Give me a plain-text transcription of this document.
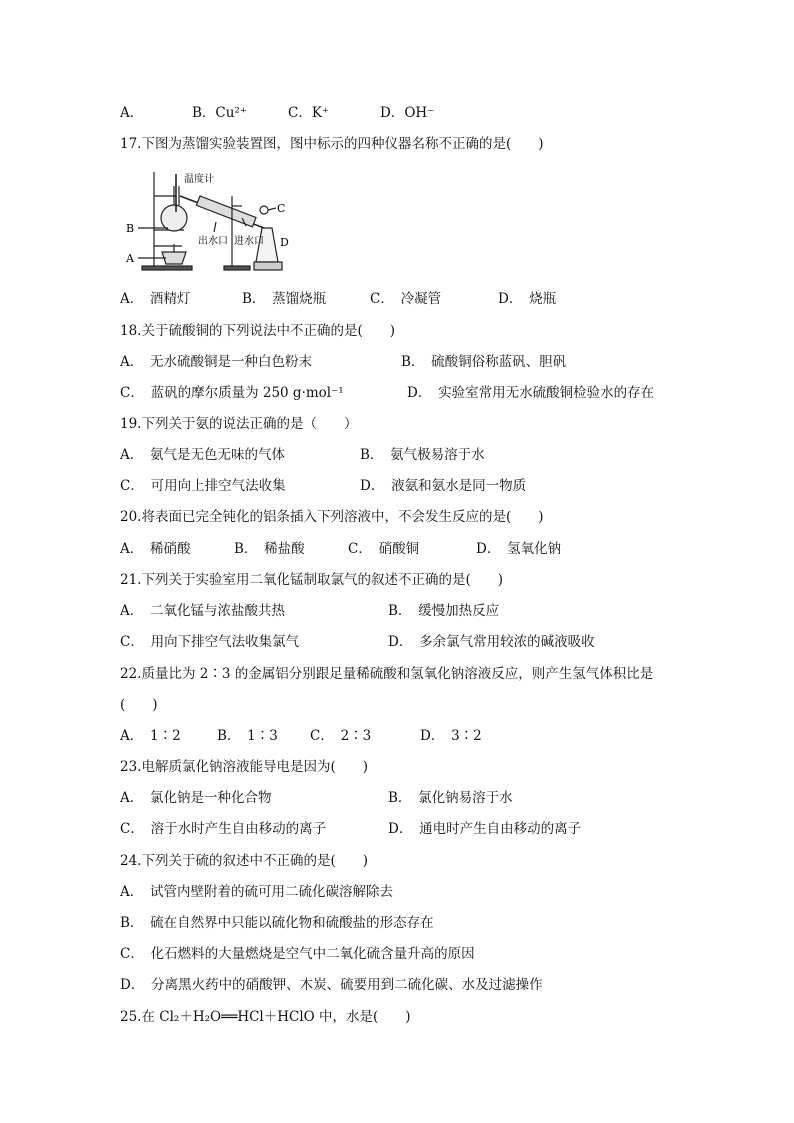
A．	B．Cu²⁺	C．K⁺	D．OH⁻
17.下图为蒸馏实验装置图，图中标示的四种仪器名称不正确的是(　　)
温度计
出水口 进水口
B
A
C
D
A．　酒精灯	B．　蒸馏烧瓶	C．　冷凝管	D．　烧瓶
18.关于硫酸铜的下列说法中不正确的是(　　)
A．　无水硫酸铜是一种白色粉末	B．　硫酸铜俗称蓝矾、胆矾
C．　蓝矾的摩尔质量为 250 g·mol⁻¹	D．　实验室常用无水硫酸铜检验水的存在
19.下列关于氨的说法正确的是（　　）
A．　氨气是无色无味的气体	B．　氨气极易溶于水
C．　可用向上排空气法收集	D．　液氨和氨水是同一物质
20.将表面已完全钝化的铝条插入下列溶液中，不会发生反应的是(　　)
A．　稀硝酸	B．　稀盐酸	C．　硝酸铜	D．　氢氧化钠
21.下列关于实验室用二氧化锰制取氯气的叙述不正确的是(　　)
A．　二氧化锰与浓盐酸共热	B．　缓慢加热反应
C．　用向下排空气法收集氯气	D．　多余氯气常用较浓的碱液吸收
22.质量比为 2∶3 的金属铝分别跟足量稀硫酸和氢氧化钠溶液反应，则产生氢气体积比是
(　　)
A．　1∶2	B．　1∶3 C．　2∶3	D．　3∶2
23.电解质氯化钠溶液能导电是因为(　　)
A．　氯化钠是一种化合物	B．　氯化钠易溶于水
C．　溶于水时产生自由移动的离子	D．　通电时产生自由移动的离子
24.下列关于硫的叙述中不正确的是(　　)
A．　试管内壁附着的硫可用二硫化碳溶解除去
B．　硫在自然界中只能以硫化物和硫酸盐的形态存在
C．　化石燃料的大量燃烧是空气中二氧化硫含量升高的原因
D．　分离黑火药中的硝酸钾、木炭、硫要用到二硫化碳、水及过滤操作
25.在 Cl₂＋H₂O══HCl＋HClO 中，水是(　　)
